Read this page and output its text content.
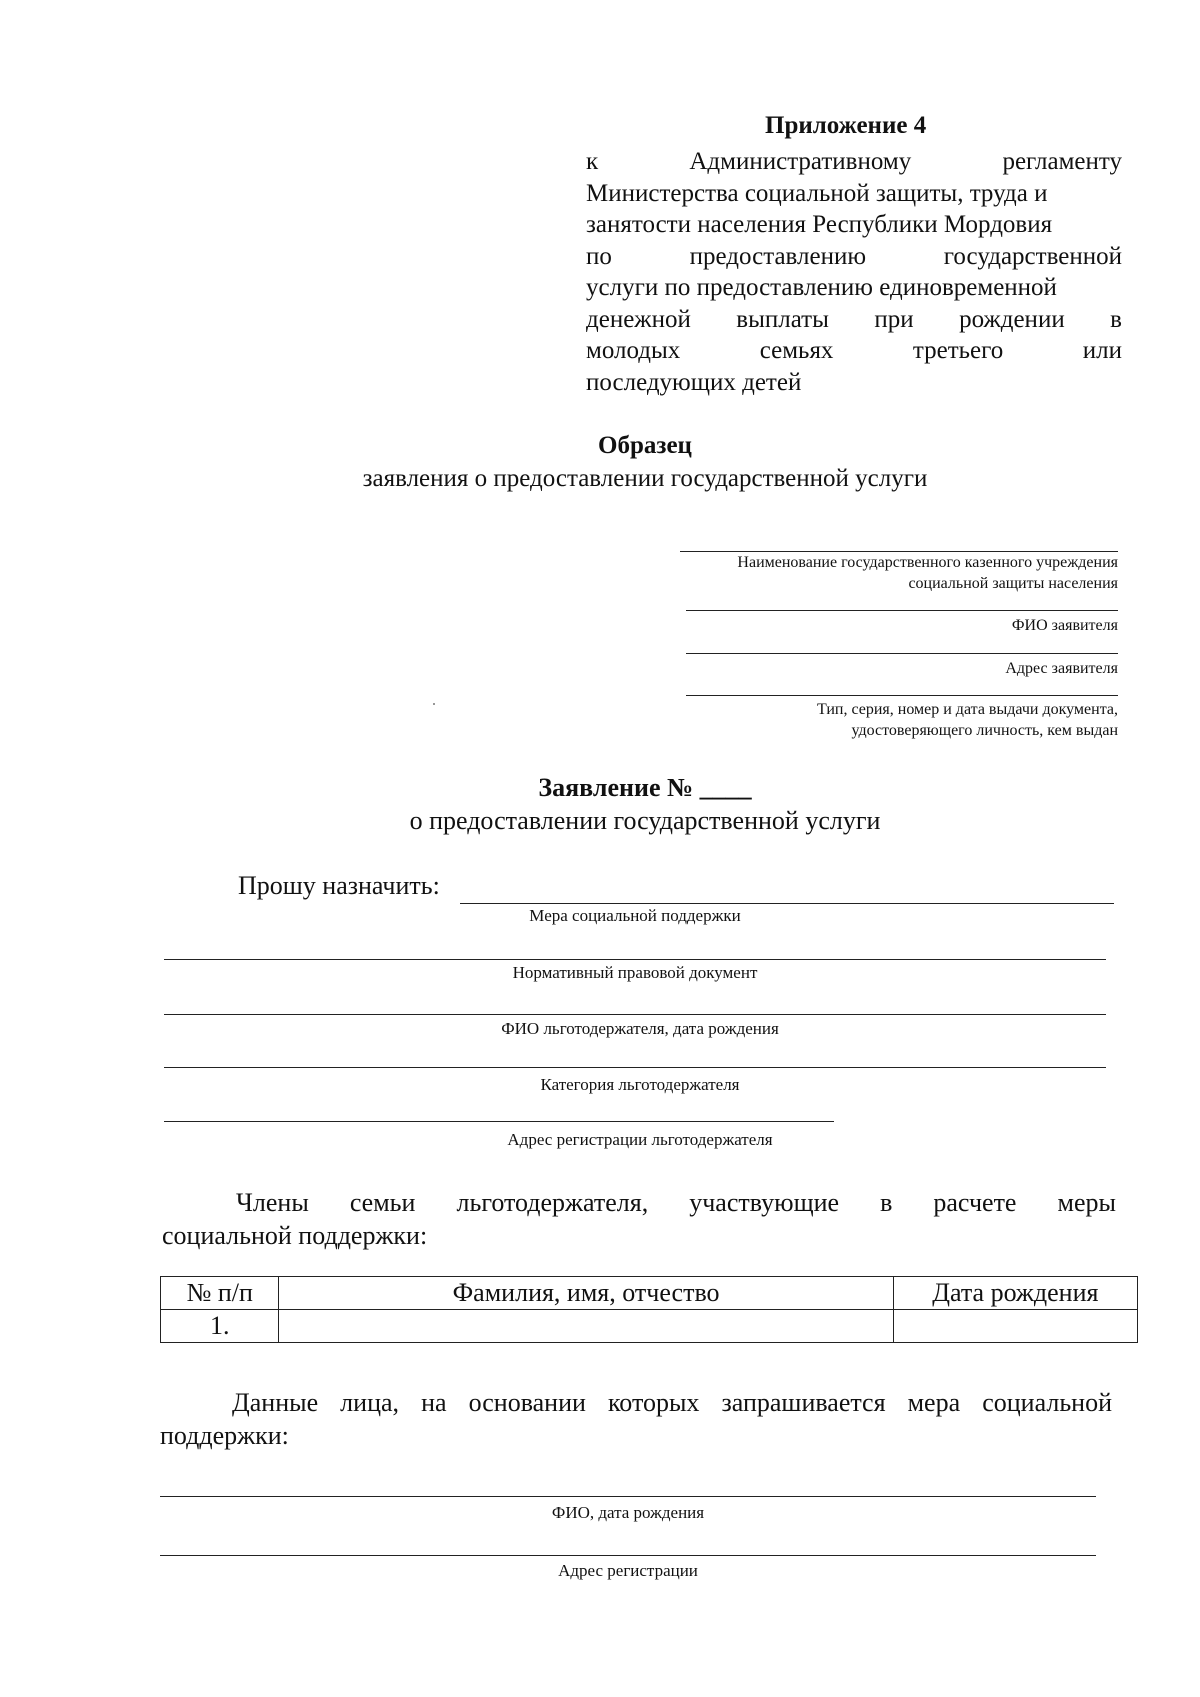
Приложение 4
к	Административному	регламенту
Министерства социальной защиты, труда и
занятости населения Республики Мордовия
по	предоставлению	государственной
услуги по предоставлению единовременной
денежной выплаты при рождении в
молодых	семьях	третьего	или
последующих детей
Образец
заявления о предоставлении государственной услуги
Наименование государственного казенного учреждения
социальной защиты населения
ФИО заявителя
Адрес заявителя
Тип, серия, номер и дата выдачи документа,
удостоверяющего личность, кем выдан
Заявление № ____
о предоставлении государственной услуги
Прошу назначить:
Мера социальной поддержки
Нормативный правовой документ
ФИО льготодержателя, дата рождения
Категория льготодержателя
Адрес регистрации льготодержателя
Члены семьи льготодержателя, участвующие в расчете меры
социальной поддержки:
№ п/п	Фамилия, имя, отчество	Дата рождения
1.		
Данные лица, на основании которых запрашивается мера социальной
поддержки:
ФИО, дата рождения
Адрес регистрации
